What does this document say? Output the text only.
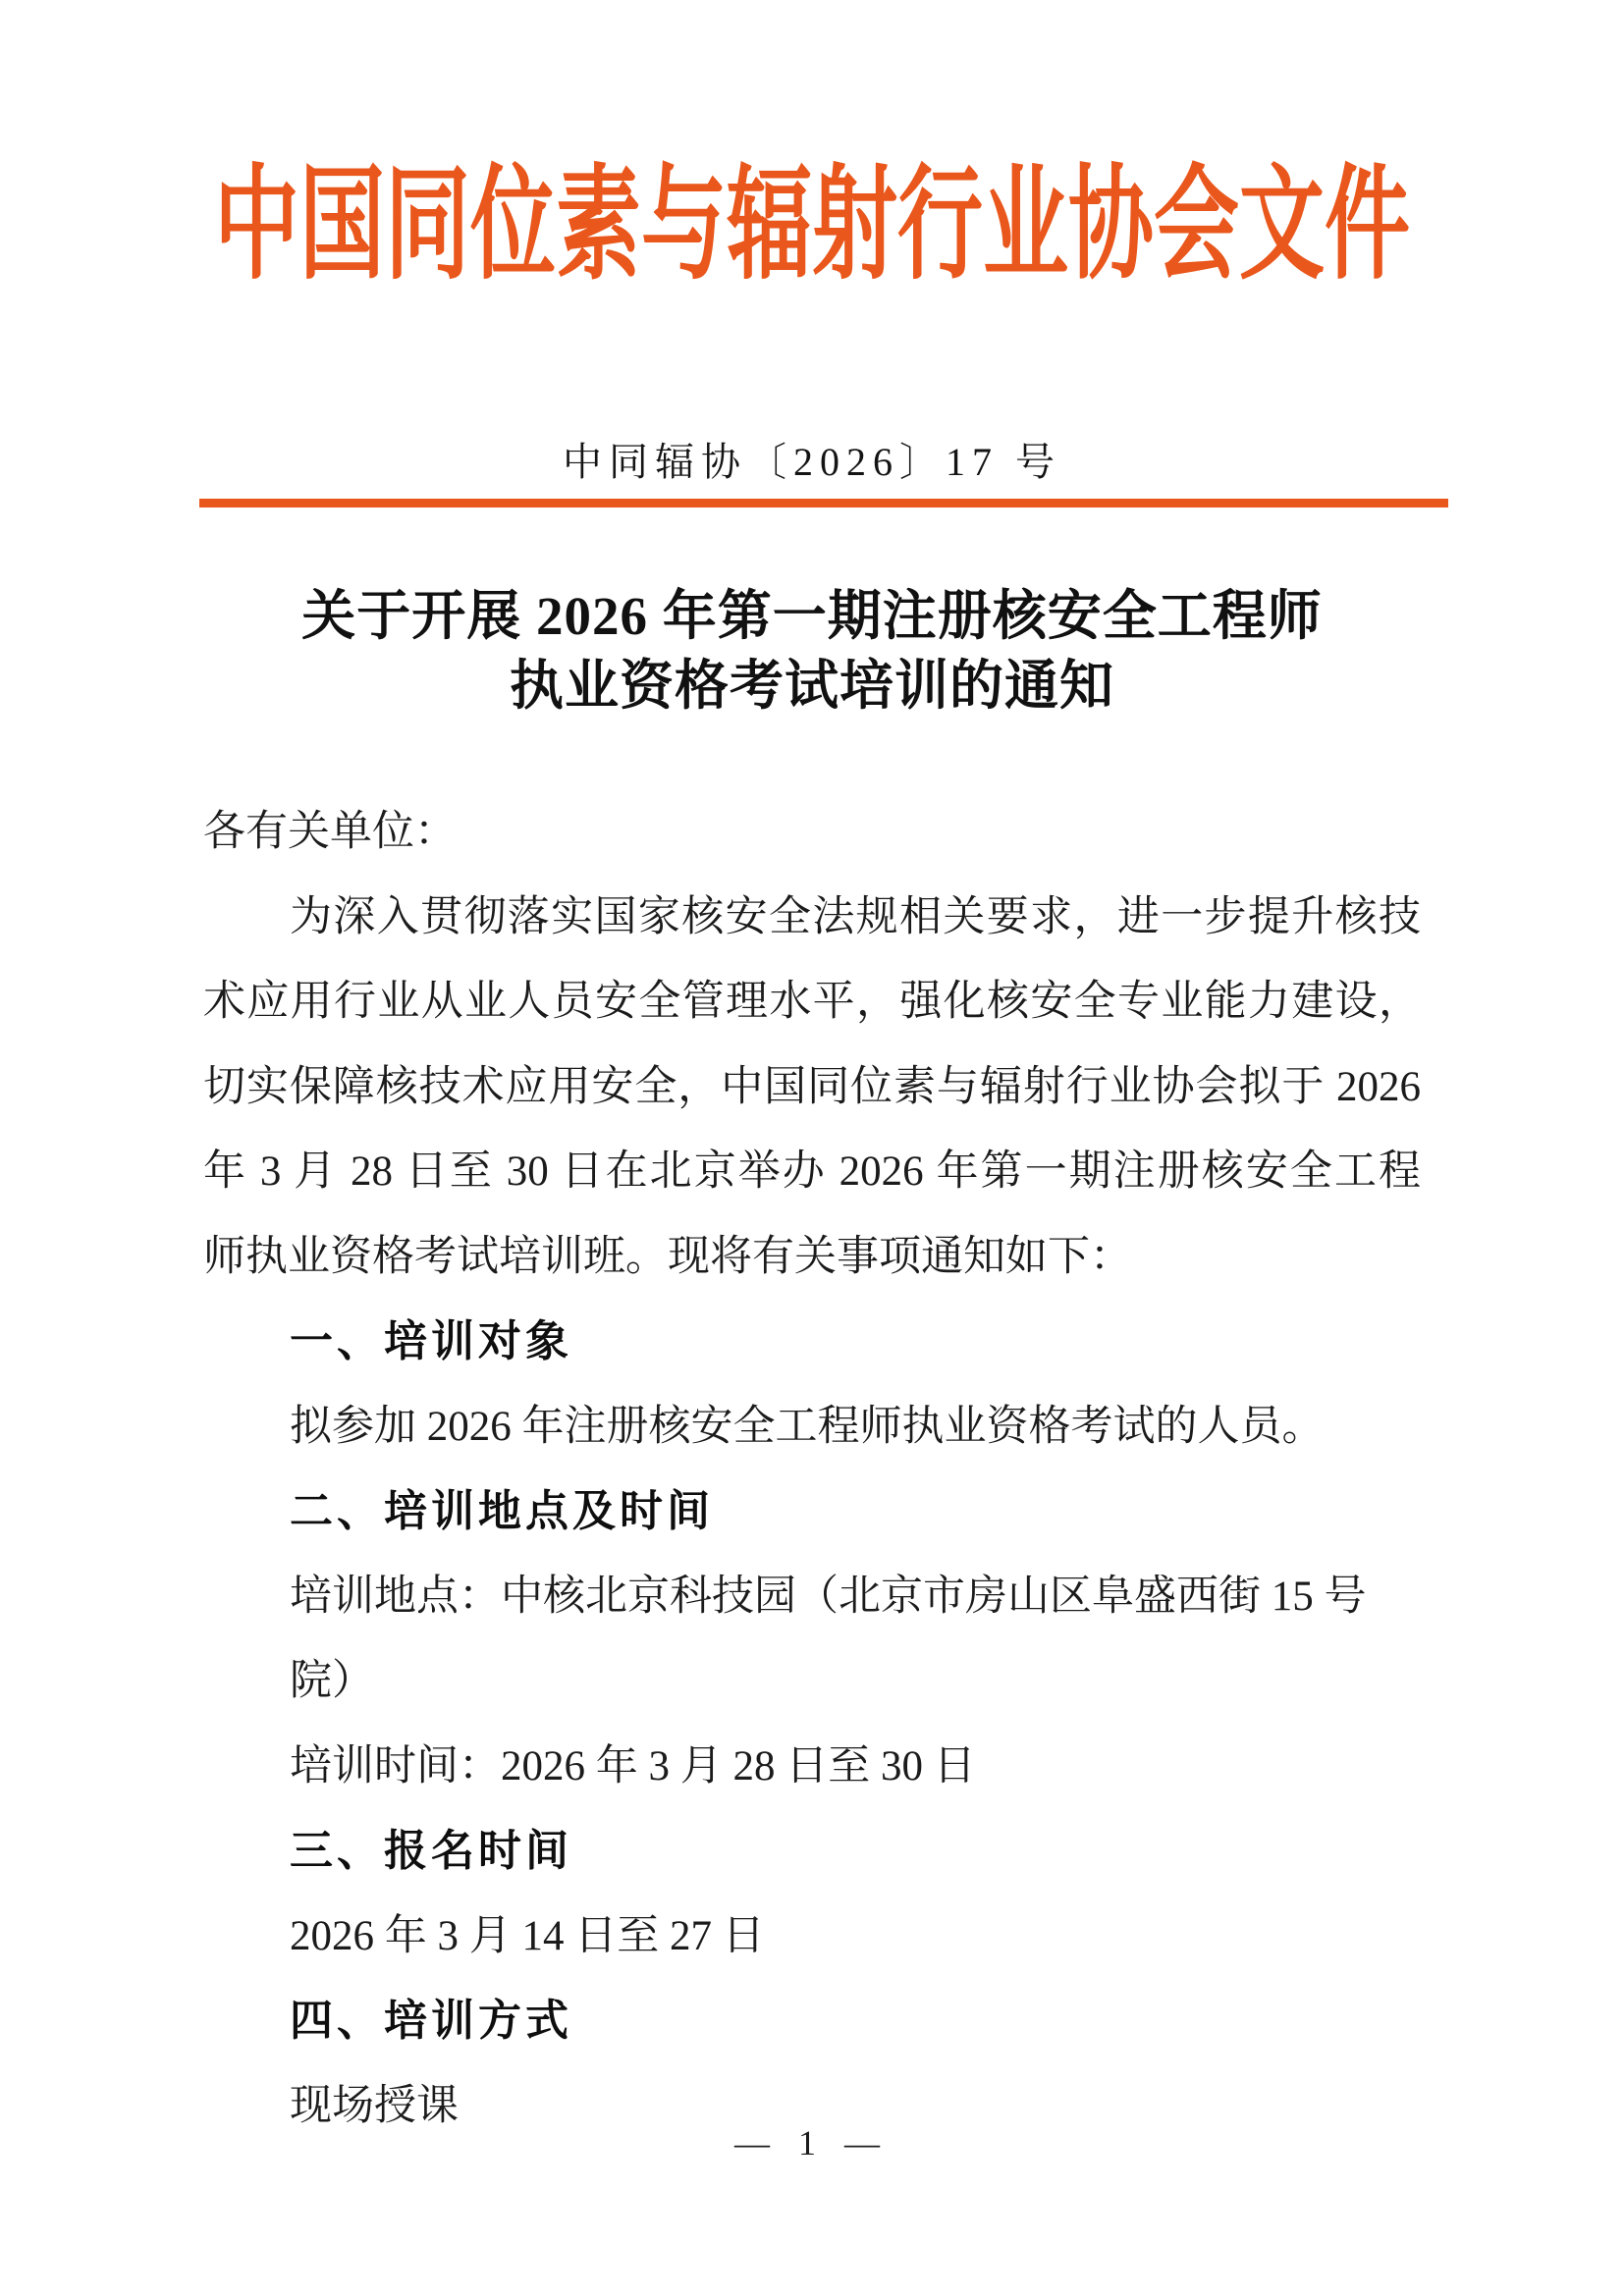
中国同位素与辐射行业协会文件
中同辐协〔2026〕17 号
关于开展 2026 年第一期注册核安全工程师
执业资格考试培训的通知
各有关单位：
为深入贯彻落实国家核安全法规相关要求，进一步提升核技
术应用行业从业人员安全管理水平，强化核安全专业能力建设，
切实保障核技术应用安全，中国同位素与辐射行业协会拟于 2026
年 3 月 28 日至 30 日在北京举办 2026 年第一期注册核安全工程
师执业资格考试培训班。现将有关事项通知如下：
一、培训对象
拟参加 2026 年注册核安全工程师执业资格考试的人员。
二、培训地点及时间
培训地点：中核北京科技园（北京市房山区阜盛西街 15 号院）
培训时间：2026 年 3 月 28 日至 30 日
三、报名时间
2026 年 3 月 14 日至 27 日
四、培训方式
现场授课
— 1 —
